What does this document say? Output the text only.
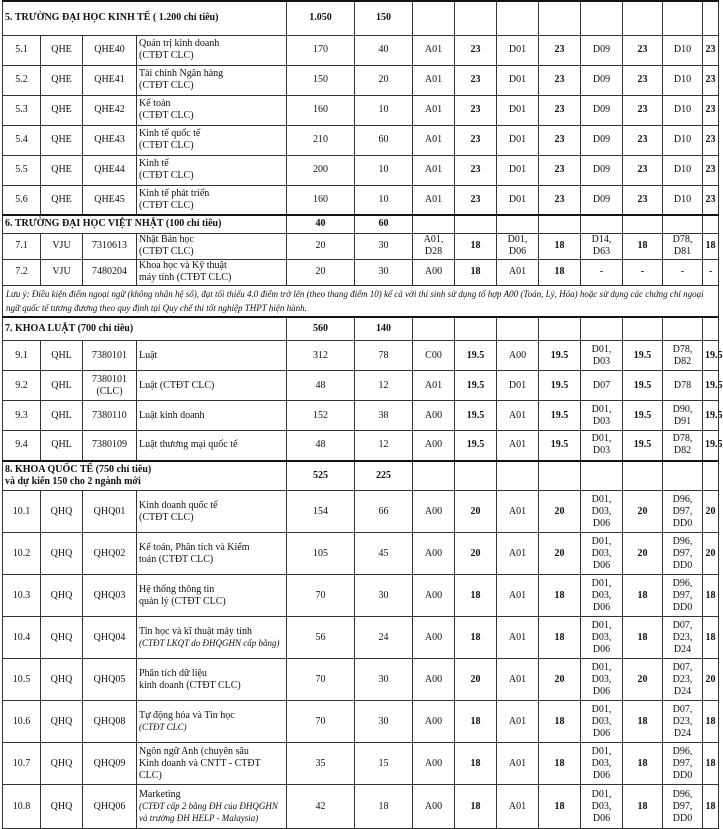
5. TRƯỜNG ĐẠI HỌC KINH TẾ ( 1.200 chỉ tiêu)				1.050	150								
5.1	QHE	QHE40	Quản trị kinh doanh
(CTĐT CLC)	170	40	A01	23	D01	23	D09	23	D10	23
5.2	QHE	QHE41	Tài chính Ngân hàng
(CTĐT CLC)	150	20	A01	23	D01	23	D09	23	D10	23
5.3	QHE	QHE42	Kế toán
(CTĐT CLC)	160	10	A01	23	D01	23	D09	23	D10	23
5.4	QHE	QHE43	Kinh tế quốc tế
(CTĐT CLC)	210	60	A01	23	D01	23	D09	23	D10	23
5.5	QHE	QHE44	Kinh tế
(CTĐT CLC)	200	10	A01	23	D01	23	D09	23	D10	23
5.6	QHE	QHE45	Kinh tế phát triển
(CTĐT CLC)	160	10	A01	23	D01	23	D09	23	D10	23
6. TRƯỜNG ĐẠI HỌC VIỆT NHẬT (100 chỉ tiêu)				40	60								
7.1	VJU	7310613	Nhật Bản học
(CTĐT CLC)	20	30	A01,
D28	18	D01,
D06	18	D14,
D63	18	D78,
D81	18
7.2	VJU	7480204	Khoa học và Kỹ thuật
máy tính (CTĐT CLC)	20	30	A00	18	A01	18	-	-	-	-
Lưu ý: Điều kiện điểm ngoại ngữ (không nhân hệ số), đạt tối thiểu 4.0 điểm trở lên (theo thang điểm 10) kể cả với thí sinh sử dụng tổ hợp A00 (Toán, Lý, Hóa) hoặc sử dụng các chứng chỉ ngoại ngữ quốc tế tương đương theo quy định tại Quy chế thi tốt nghiệp THPT hiện hành.													
7. KHOA LUẬT (700 chỉ tiêu)				560	140								
9.1	QHL	7380101	Luật	312	78	C00	19.5	A00	19.5	D01,
D03	19.5	D78,
D82	19.5
9.2	QHL	7380101
(CLC)	Luật (CTĐT CLC)	48	12	A01	19.5	D01	19.5	D07	19.5	D78	19.5
9.3	QHL	7380110	Luật kinh doanh	152	38	A00	19.5	A01	19.5	D01,
D03	19.5	D90,
D91	19.5
9.4	QHL	7380109	Luật thương mại quốc tế	48	12	A00	19.5	A01	19.5	D01,
D03	19.5	D78,
D82	19.5
8. KHOA QUỐC TẾ (750 chỉ tiêu)
và dự kiến 150 cho 2 ngành mới				525	225								
10.1	QHQ	QHQ01	Kinh doanh quốc tế
(CTĐT CLC)	154	66	A00	20	A01	20	D01,
D03,
D06	20	D96,
D97,
DD0	20
10.2	QHQ	QHQ02	Kế toán, Phân tích và Kiểm
toán (CTĐT CLC)	105	45	A00	20	A01	20	D01,
D03,
D06	20	D96,
D97,
DD0	20
10.3	QHQ	QHQ03	Hệ thống thông tin
quản lý (CTĐT CLC)	70	30	A00	18	A01	18	D01,
D03,
D06	18	D96,
D97,
DD0	18
10.4	QHQ	QHQ04	Tin học và kĩ thuật máy tính
(CTĐT LKQT do ĐHQGHN cấp bằng)	56	24	A00	18	A01	18	D01,
D03,
D06	18	D07,
D23,
D24	18
10.5	QHQ	QHQ05	Phân tích dữ liệu
kinh doanh (CTĐT CLC)	70	30	A00	20	A01	20	D01,
D03,
D06	20	D07,
D23,
D24	20
10.6	QHQ	QHQ08	Tự động hóa và Tin học
(CTĐT CLC)	70	30	A00	18	A01	18	D01,
D03,
D06	18	D07,
D23,
D24	18
10.7	QHQ	QHQ09	Ngôn ngữ Anh (chuyên sâu
Kinh doanh và CNTT - CTĐT
CLC)	35	15	A00	18	A01	18	D01,
D03,
D06	18	D96,
D97,
DD0	18
10.8	QHQ	QHQ06	Marketing
(CTĐT cấp 2 bằng ĐH của ĐHQGHN và trường ĐH HELP - Malaysia)	42	18	A00	18	A01	18	D01,
D03,
D06	18	D96,
D97,
DD0	18
